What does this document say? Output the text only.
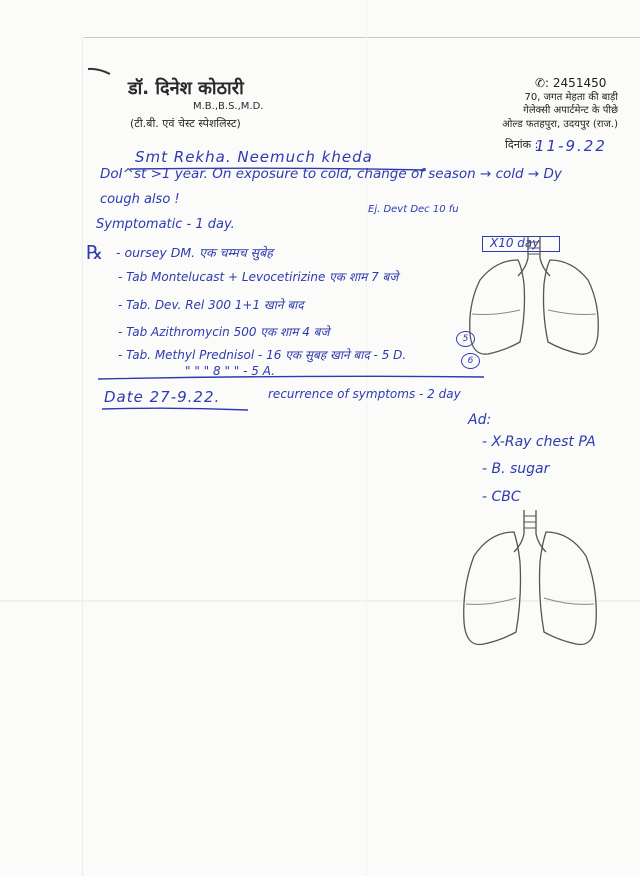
डॉ. दिनेश कोठारी
M.B.,B.S.,M.D.
(टी.बी. एवं चेस्ट स्पेशलिस्ट)
✆: 2451450
70, जगत मेहता की बाड़ी
गेलेक्सी अपार्टमेन्ट के पीछे
ओल्ड फतहपुरा, उदयपुर (राज.)
दिनांक :
11-9.22
Smt Rekha. Neemuch kheda
DoI^st >1 year. On exposure to cold, change of season → cold → Dy
cough also !
Symptomatic - 1 day.
Ej. Devt Dec 10 fu
℞ - oursey DM. एक चम्मच सुबेह
- Tab Montelucast + Levocetirizine एक शाम 7 बजे
- Tab. Dev. Rel 300 1+1 खाने बाद
- Tab Azithromycin 500 एक शाम 4 बजे
- Tab. Methyl Prednisol - 16 एक सुबह खाने बाद - 5 D.
" " " 8 " " - 5 A.
5
6
X10 day
Date 27-9.22.	recurrence of symptoms - 2 day
Ad:
- X-Ray chest PA
- B. sugar
- CBC
